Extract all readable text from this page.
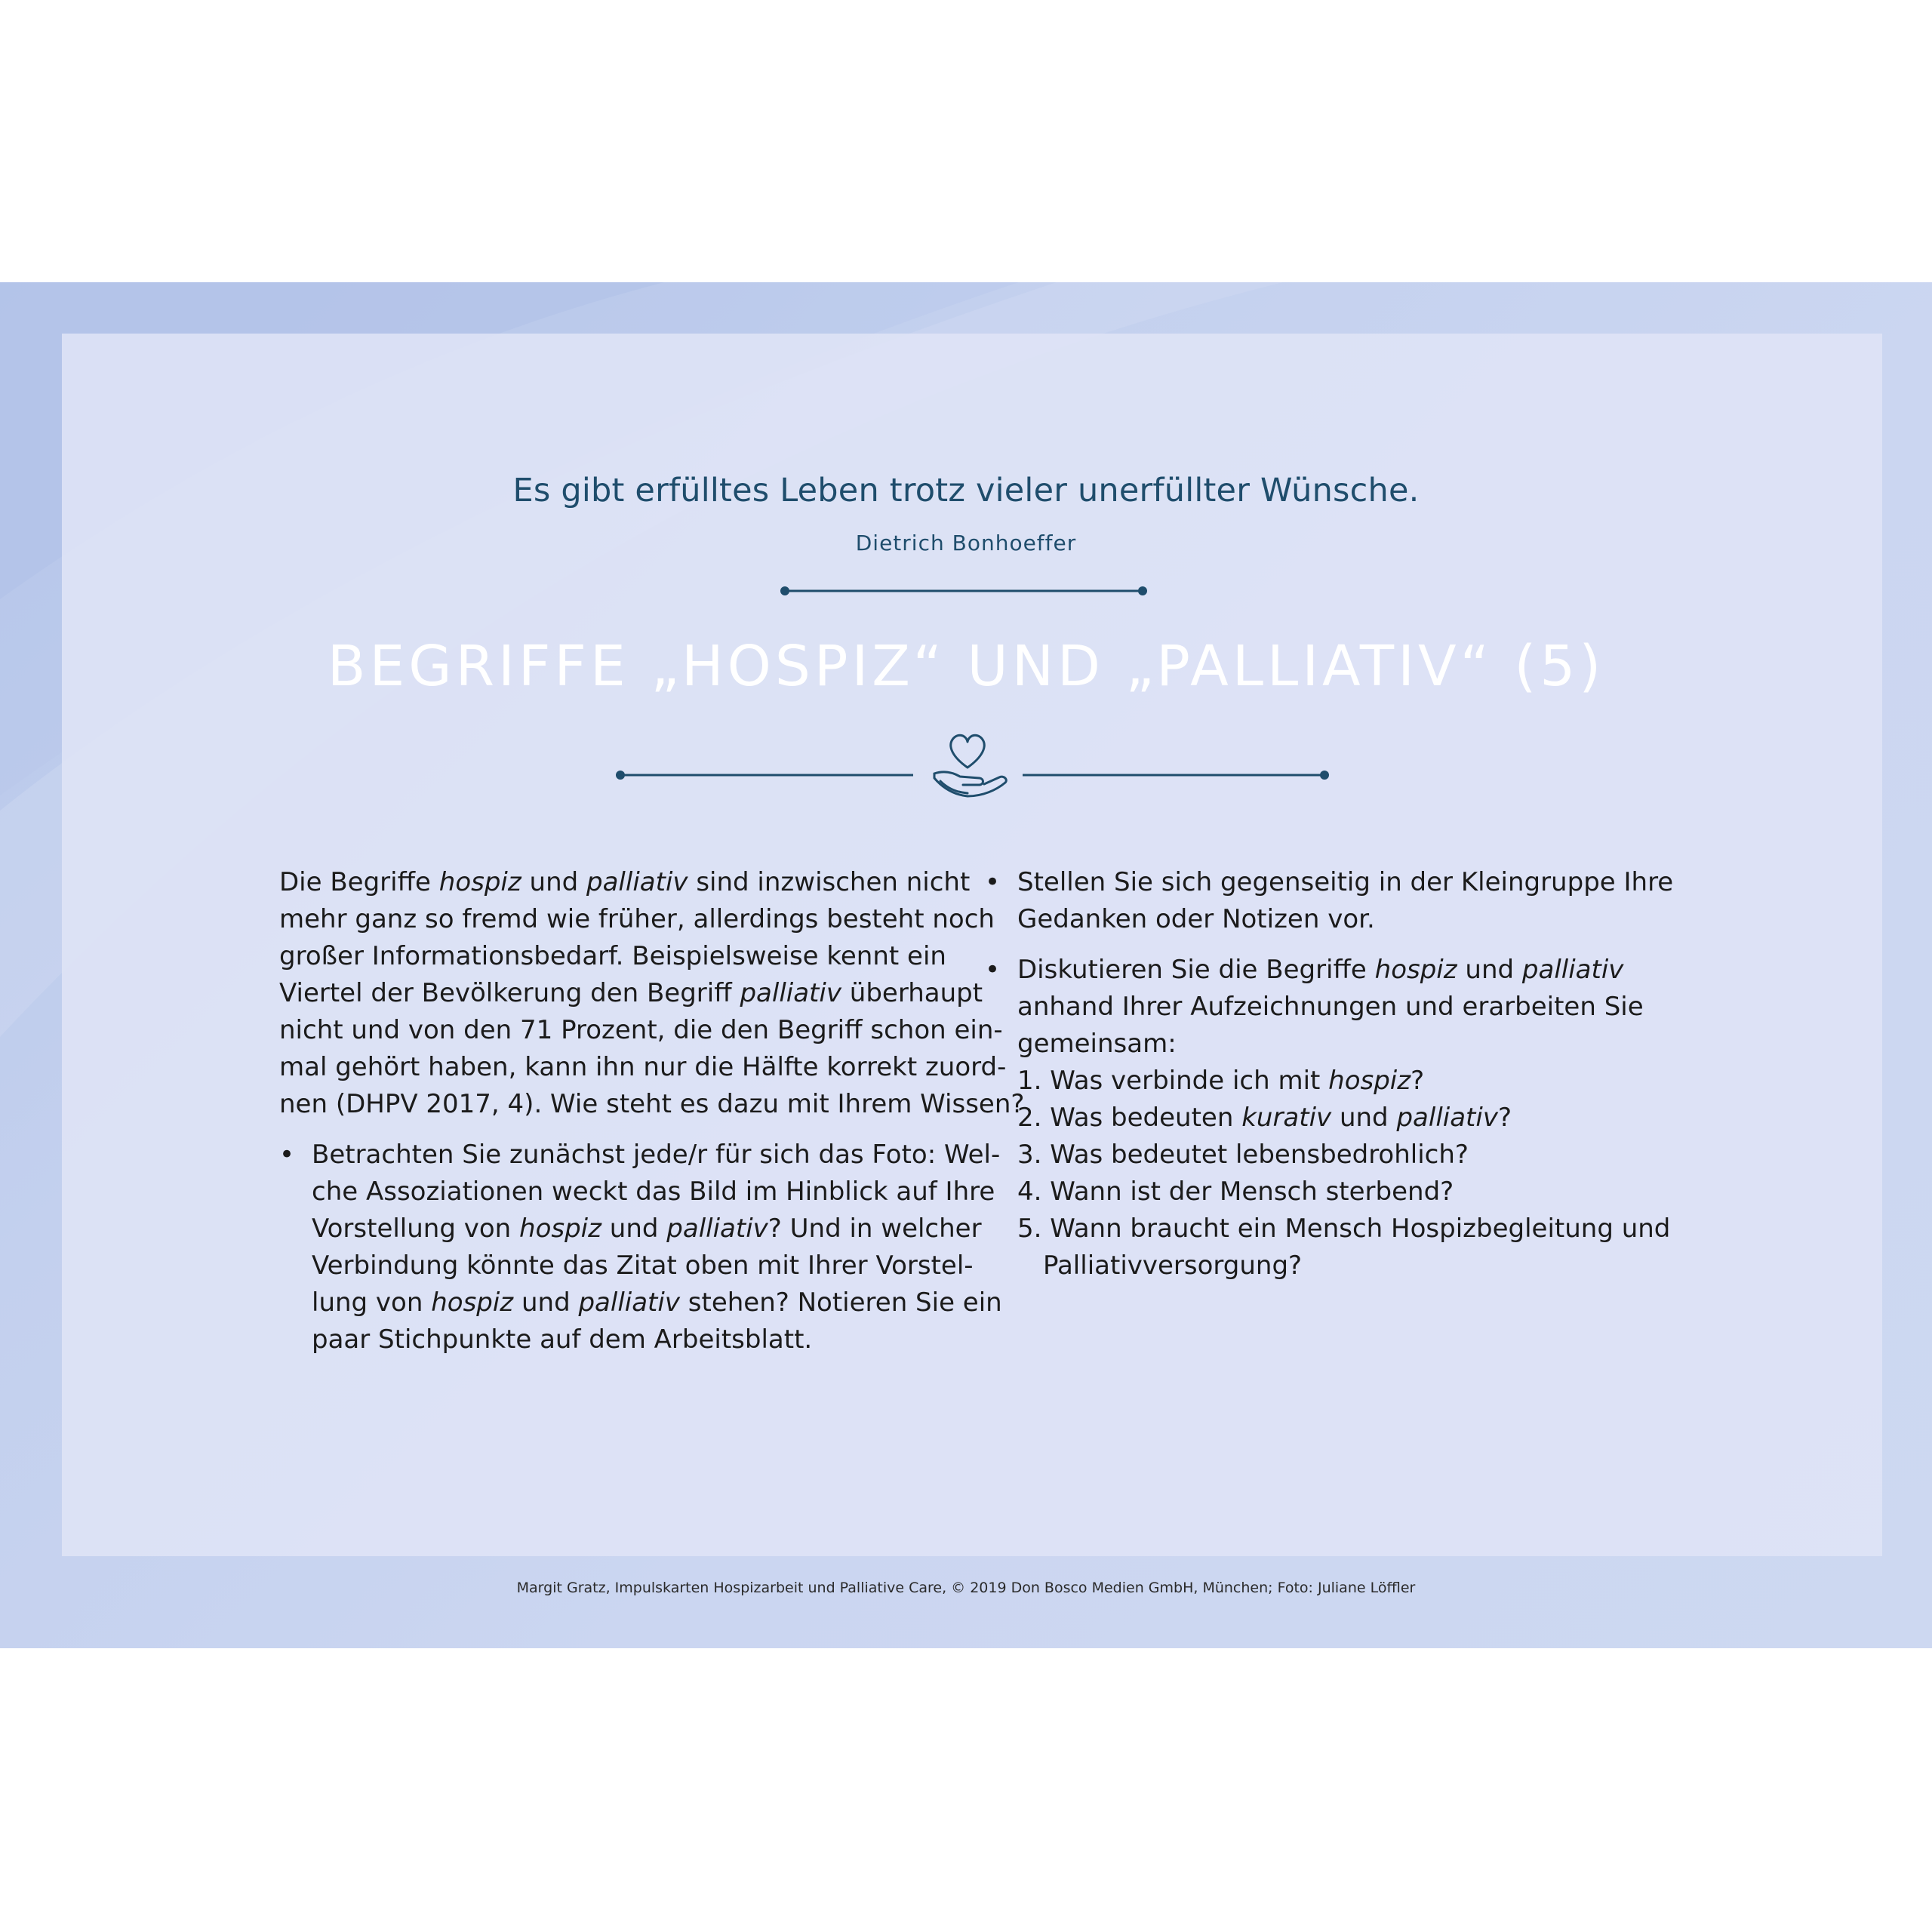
Es gibt erfülltes Leben trotz vieler unerfüllter Wünsche.
Dietrich Bonhoeffer
BEGRIFFE „HOSPIZ“ UND „PALLIATIV“ (5)

Die Begriffe hospiz und palliativ sind inzwischen nicht
mehr ganz so fremd wie früher, allerdings besteht noch
großer Informationsbedarf. Beispielsweise kennt ein
Viertel der Bevölkerung den Begriff palliativ überhaupt
nicht und von den 71 Prozent, die den Begriff schon ein-
mal gehört haben, kann ihn nur die Hälfte korrekt zuord-
nen (DHPV 2017, 4). Wie steht es dazu mit Ihrem Wissen?

• Betrachten Sie zunächst jede/r für sich das Foto: Wel-
che Assoziationen weckt das Bild im Hinblick auf Ihre
Vorstellung von hospiz und palliativ? Und in welcher
Verbindung könnte das Zitat oben mit Ihrer Vorstel-
lung von hospiz und palliativ stehen? Notieren Sie ein
paar Stichpunkte auf dem Arbeitsblatt.
• Stellen Sie sich gegenseitig in der Kleingruppe Ihre
Gedanken oder Notizen vor.
• Diskutieren Sie die Begriffe hospiz und palliativ
anhand Ihrer Aufzeichnungen und erarbeiten Sie
gemeinsam:
1. Was verbinde ich mit hospiz?
2. Was bedeuten kurativ und palliativ?
3. Was bedeutet lebensbedrohlich?
4. Wann ist der Mensch sterbend?
5. Wann braucht ein Mensch Hospizbegleitung und
Palliativversorgung?
Margit Gratz, Impulskarten Hospizarbeit und Palliative Care, © 2019 Don Bosco Medien GmbH, München; Foto: Juliane Löffler
